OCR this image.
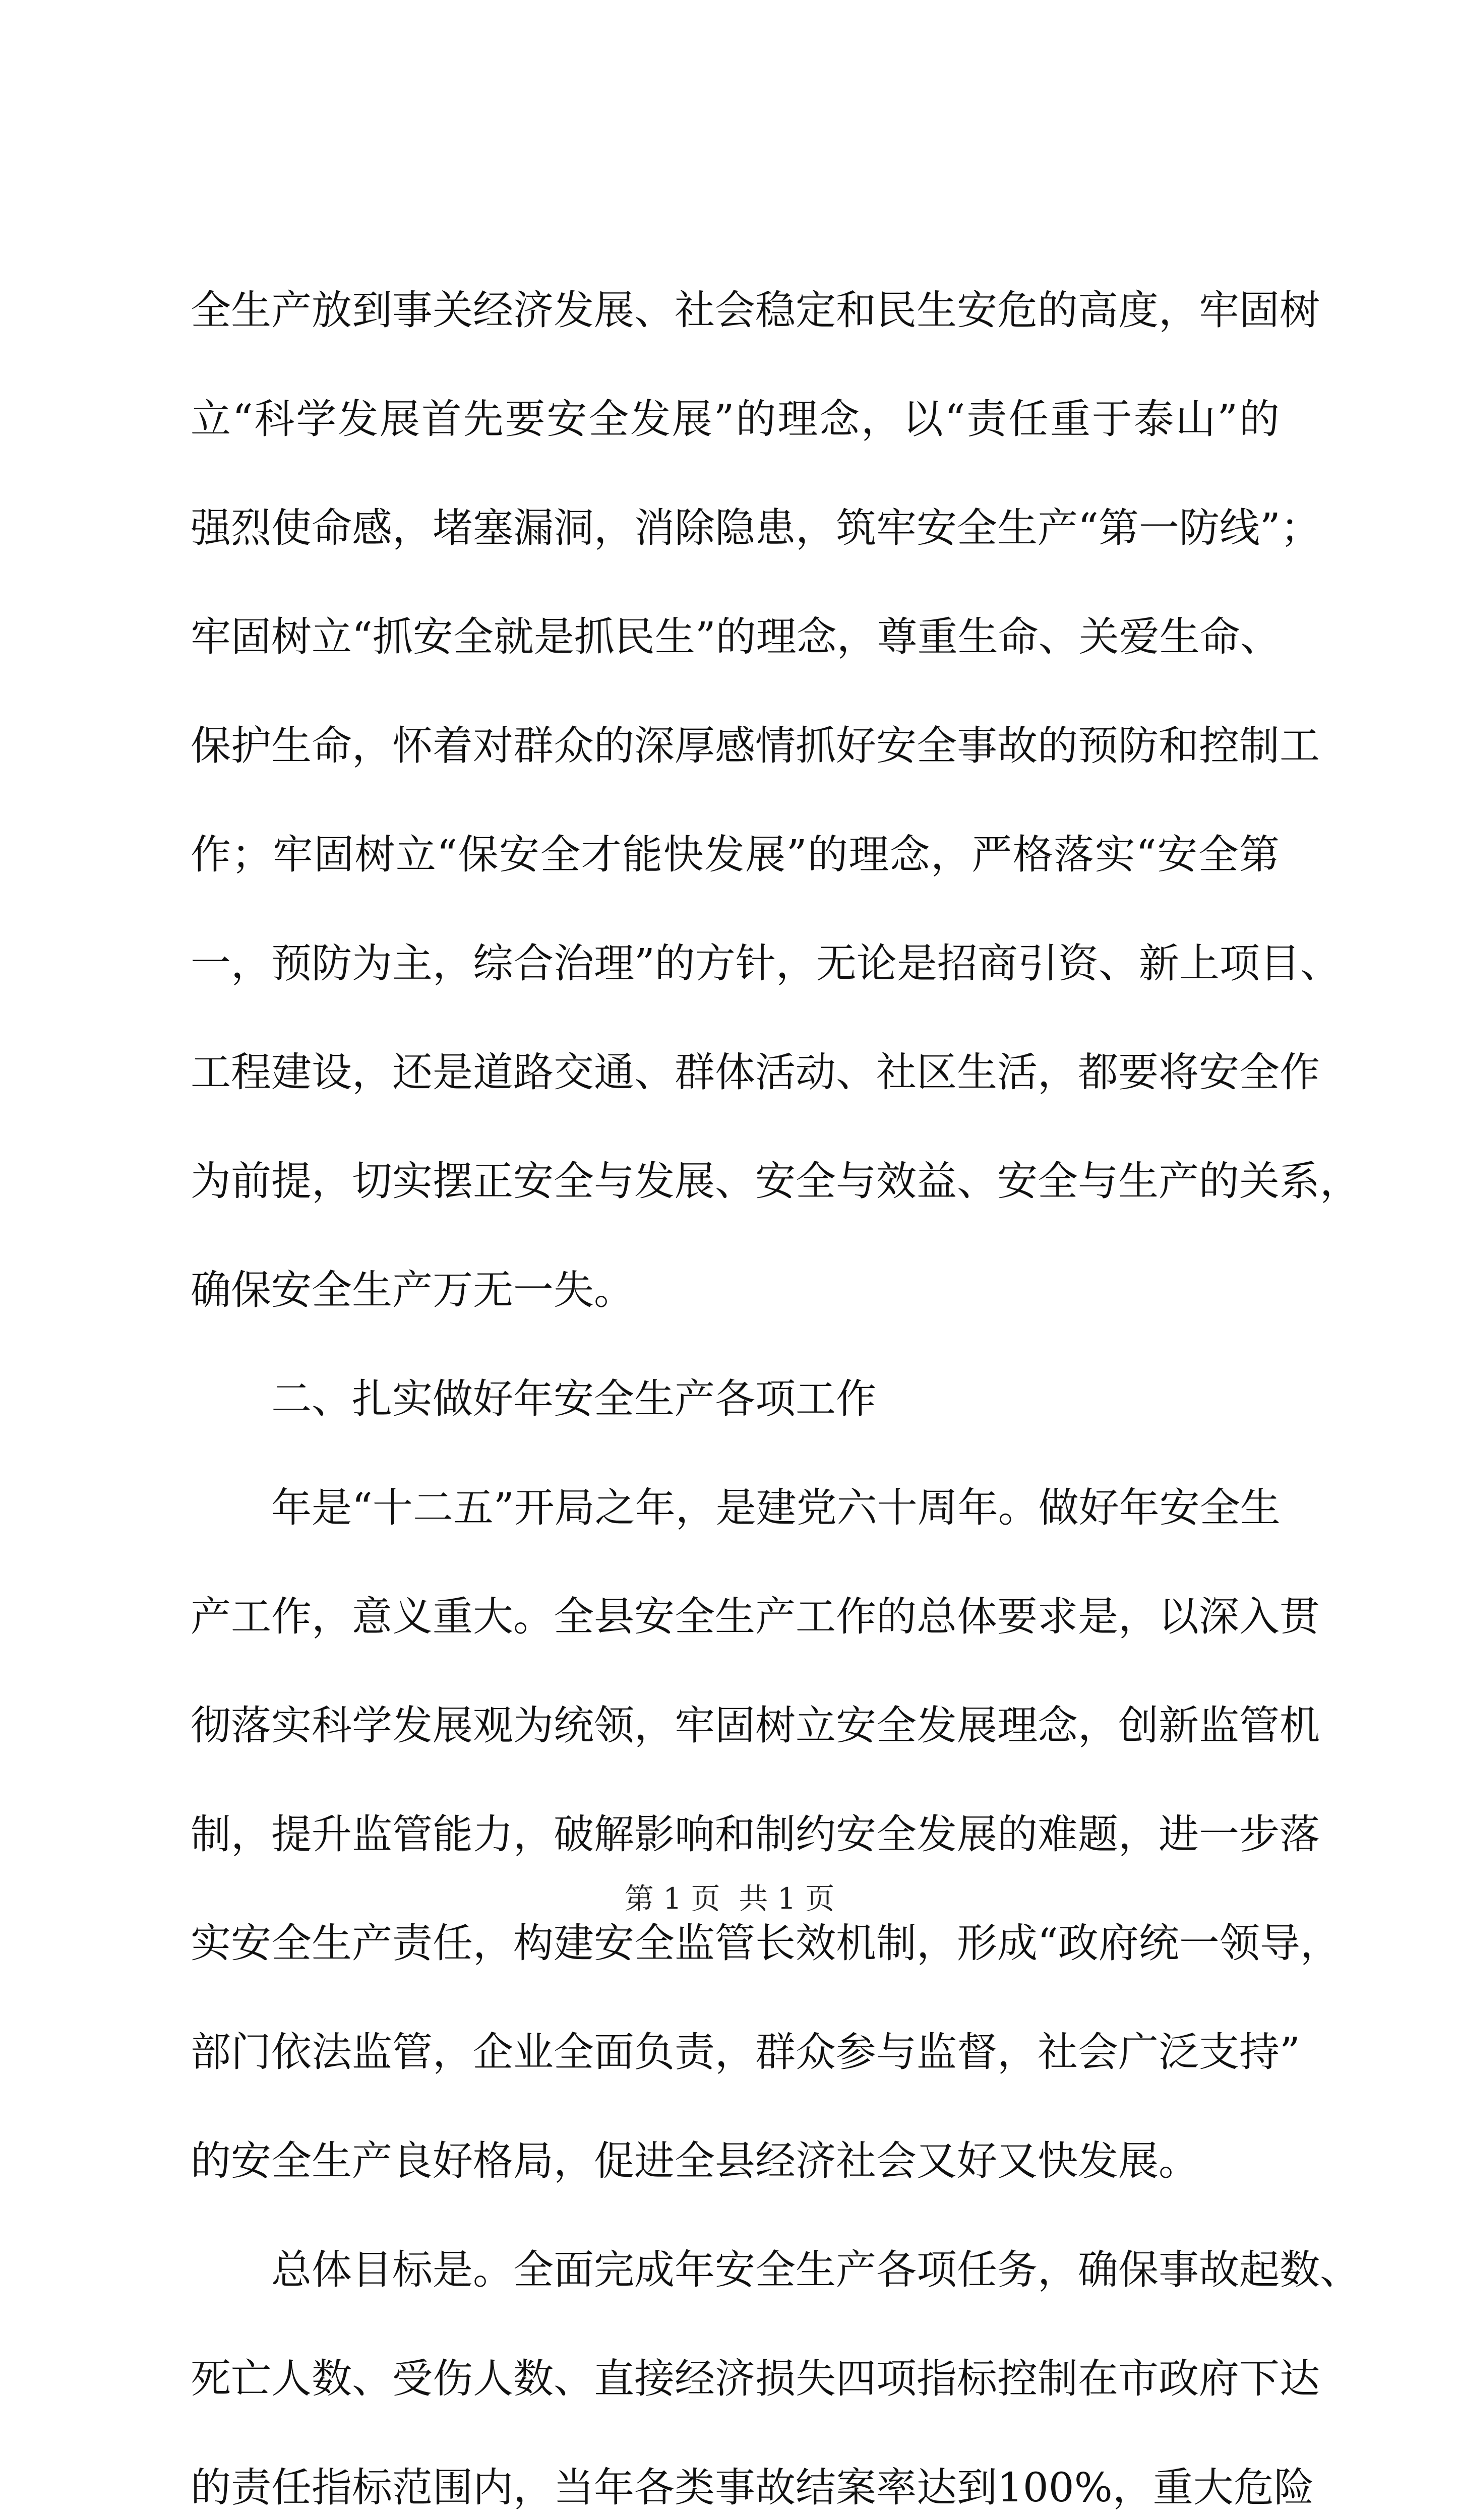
全生产放到事关经济发展、社会稳定和民生安危的高度，牢固树
立“科学发展首先要安全发展”的理念，以“责任重于泰山”的
强烈使命感，堵塞漏洞，消除隐患，筑牢安全生产“第一防线”；
牢固树立“抓安全就是抓民生”的理念，尊重生命、关爱生命、
保护生命，怀着对群众的深厚感情抓好安全事故的预防和控制工
作；牢固树立“保安全才能快发展”的理念，严格落实“安全第
一，预防为主，综合治理”的方针，无论是招商引资、新上项目、
工程建设，还是道路交通、群体活动、社区生活，都要将安全作
为前提，切实摆正安全与发展、安全与效益、安全与生产的关系，
确保安全生产万无一失。
二、扎实做好年安全生产各项工作
年是“十二五”开局之年，是建党六十周年。做好年安全生
产工作，意义重大。全县安全生产工作的总体要求是，以深入贯
彻落实科学发展观为统领，牢固树立安全发展理念，创新监管机
制，提升监管能力，破解影响和制约安全发展的难题，进一步落
实安全生产责任，构建安全监管长效机制，形成“政府统一领导，
部门依法监管，企业全面负责，群众参与监督，社会广泛支持”
的安全生产良好格局，促进全县经济社会又好又快发展。
总体目标是。全面完成年安全生产各项任务，确保事故起数、
死亡人数、受伤人数、直接经济损失四项指标控制在市政府下达
的责任指标范围内，当年各类事故结案率达到100%，重大危险
第 1 页  共 1 页
